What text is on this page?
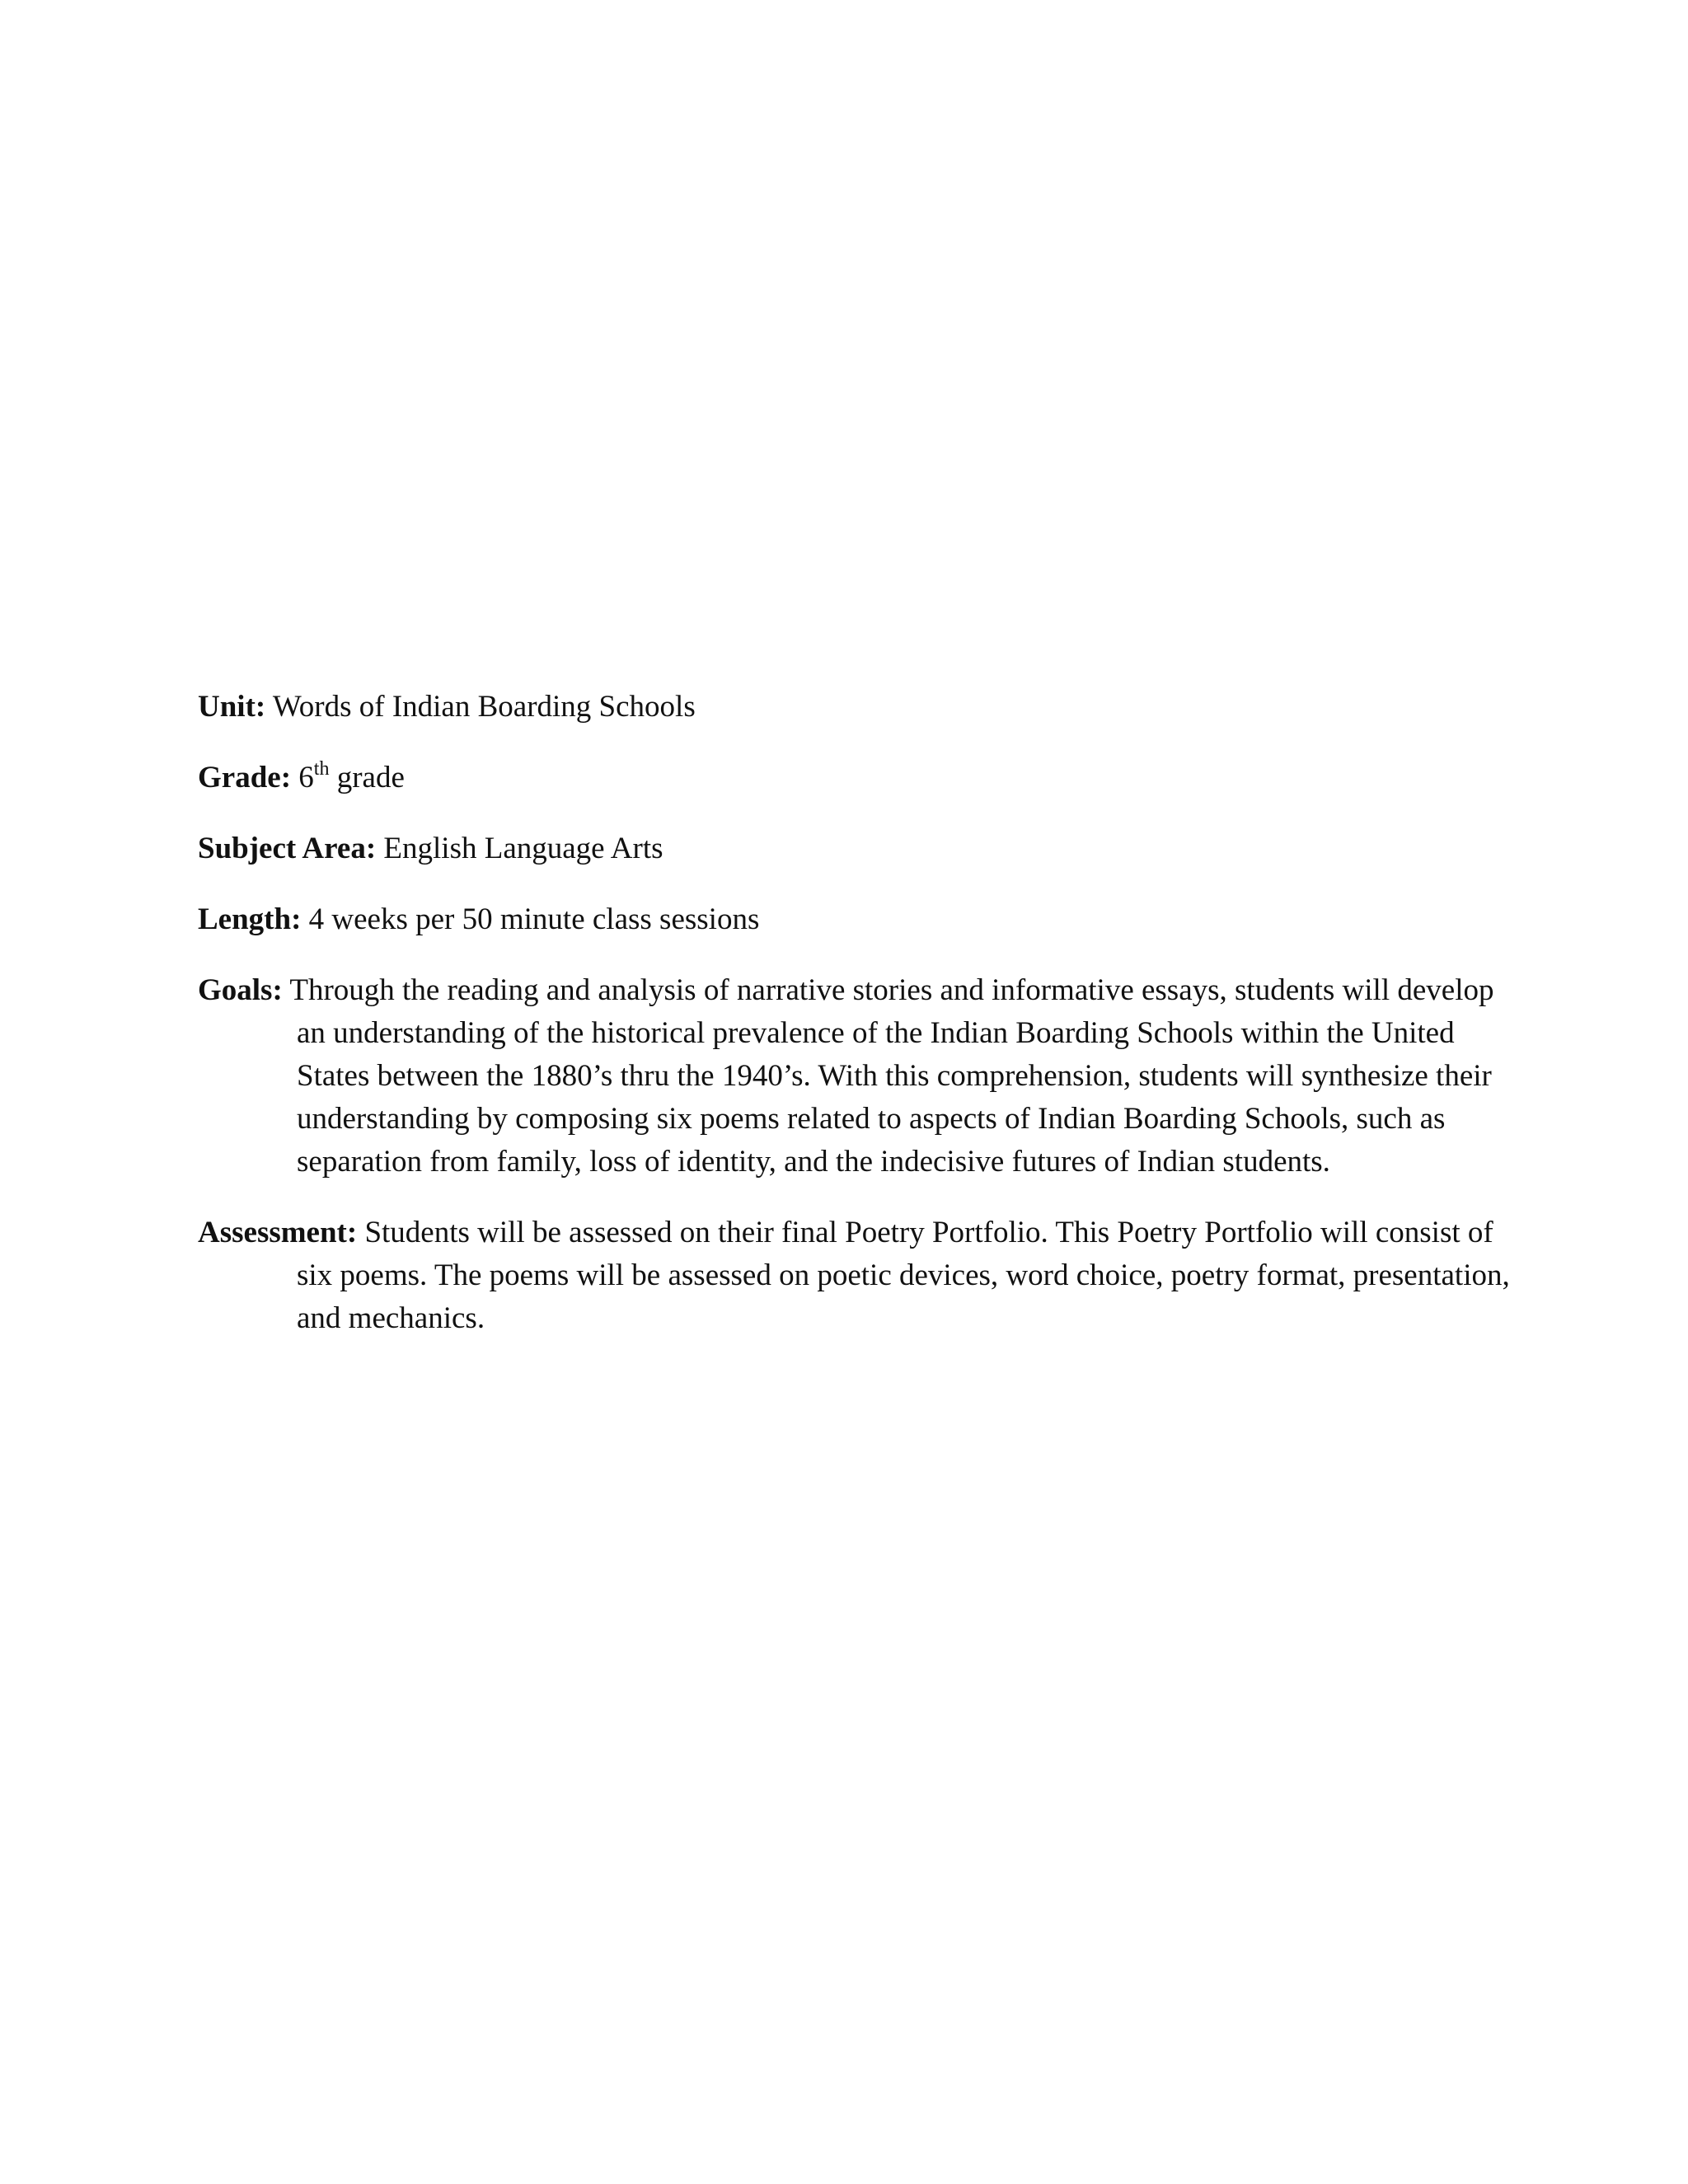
Unit: Words of Indian Boarding Schools

Grade: 6th grade

Subject Area: English Language Arts

Length: 4 weeks per 50 minute class sessions

Goals: Through the reading and analysis of narrative stories and informative essays, students will develop an understanding of the historical prevalence of the Indian Boarding Schools within the United States between the 1880’s thru the 1940’s. With this comprehension, students will synthesize their understanding by composing six poems related to aspects of Indian Boarding Schools, such as separation from family, loss of identity, and the indecisive futures of Indian students.

Assessment: Students will be assessed on their final Poetry Portfolio. This Poetry Portfolio will consist of six poems. The poems will be assessed on poetic devices, word choice, poetry format, presentation, and mechanics.
